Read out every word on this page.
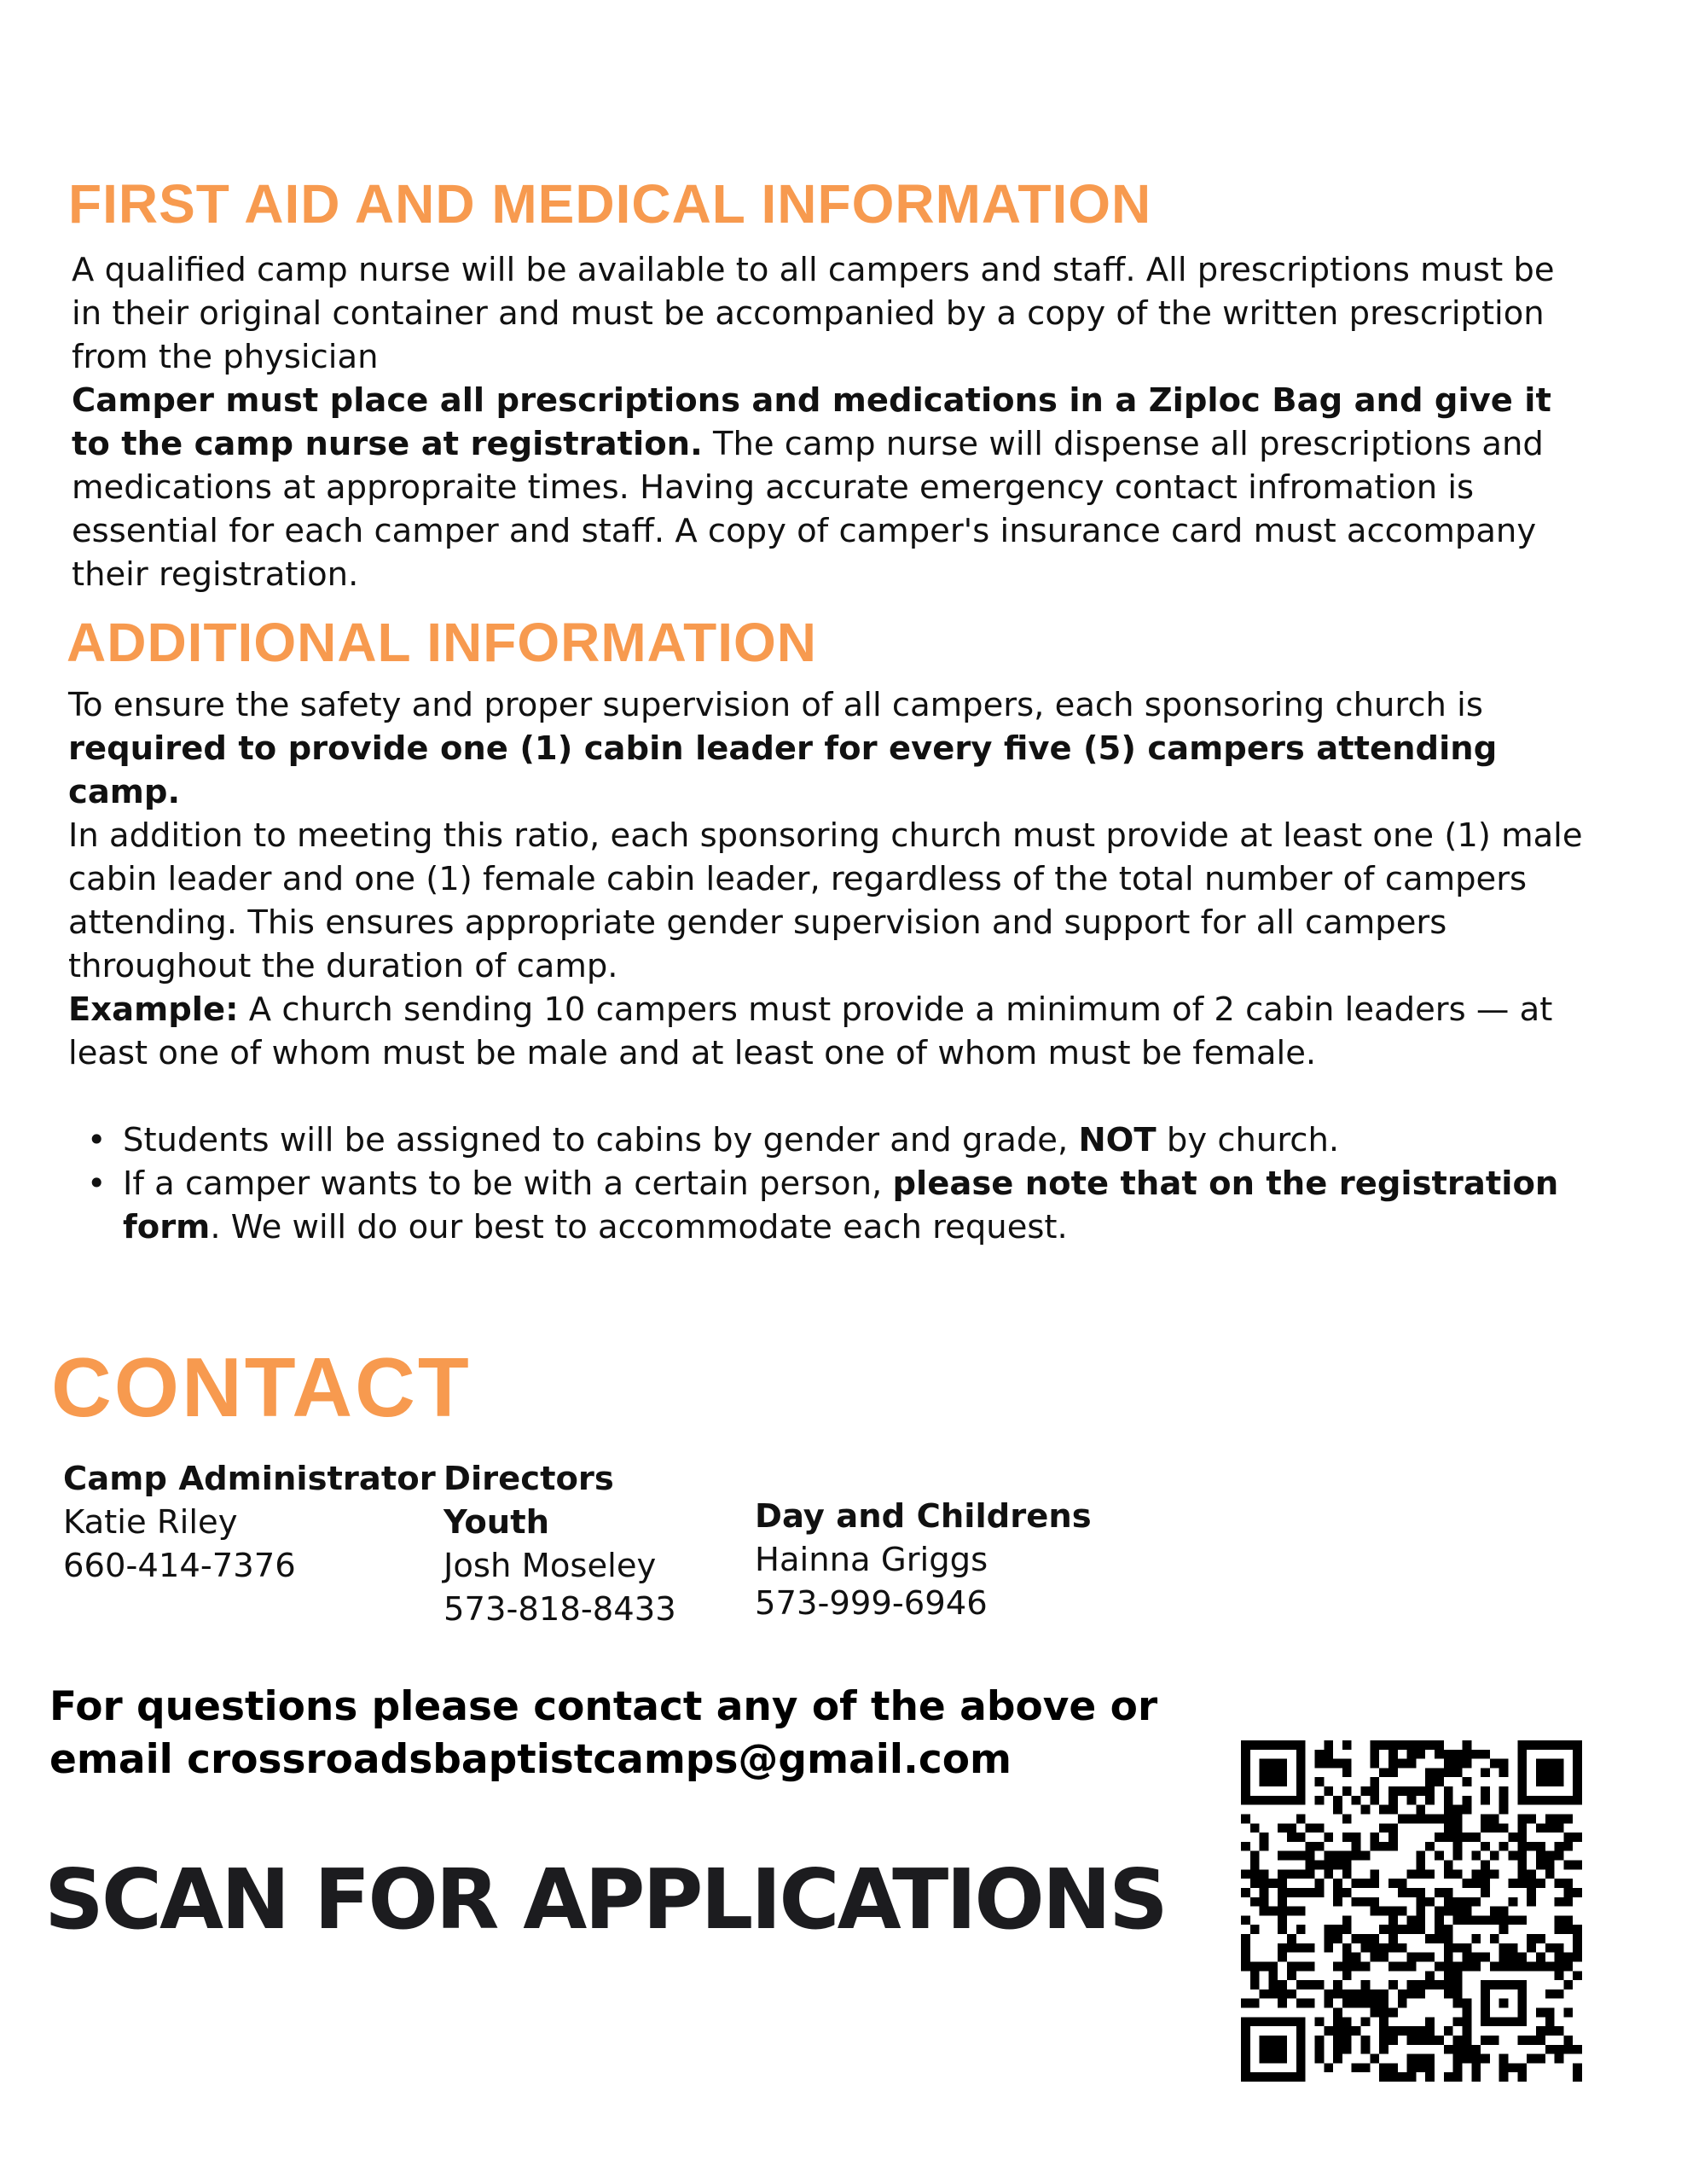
FIRST AID AND MEDICAL INFORMATION

A qualified camp nurse will be available to all campers and staff. All prescriptions must be in their original container and must be accompanied by a copy of the written prescription from the physician

Camper must place all prescriptions and medications in a Ziploc Bag and give it to the camp nurse at registration. The camp nurse will dispense all prescriptions and medications at appropraite times. Having accurate emergency contact infromation is essential for each camper and staff. A copy of camper's insurance card must accompany their registration.

ADDITIONAL INFORMATION

To ensure the safety and proper supervision of all campers, each sponsoring church is required to provide one (1) cabin leader for every five (5) campers attending camp.

In addition to meeting this ratio, each sponsoring church must provide at least one (1) male cabin leader and one (1) female cabin leader, regardless of the total number of campers attending. This ensures appropriate gender supervision and support for all campers throughout the duration of camp.

Example: A church sending 10 campers must provide a minimum of 2 cabin leaders — at least one of whom must be male and at least one of whom must be female.

• Students will be assigned to cabins by gender and grade, NOT by church.
• If a camper wants to be with a certain person, please note that on the registration form. We will do our best to accommodate each request.
CONTACT
Camp Administrator
Katie Riley
660-414-7376
Directors
Youth
Josh Moseley
573-818-8433
Day and Childrens
Hainna Griggs
573-999-6946

For questions please contact any of the above or
email crossroadsbaptistcamps@gmail.com

SCAN FOR APPLICATIONS
